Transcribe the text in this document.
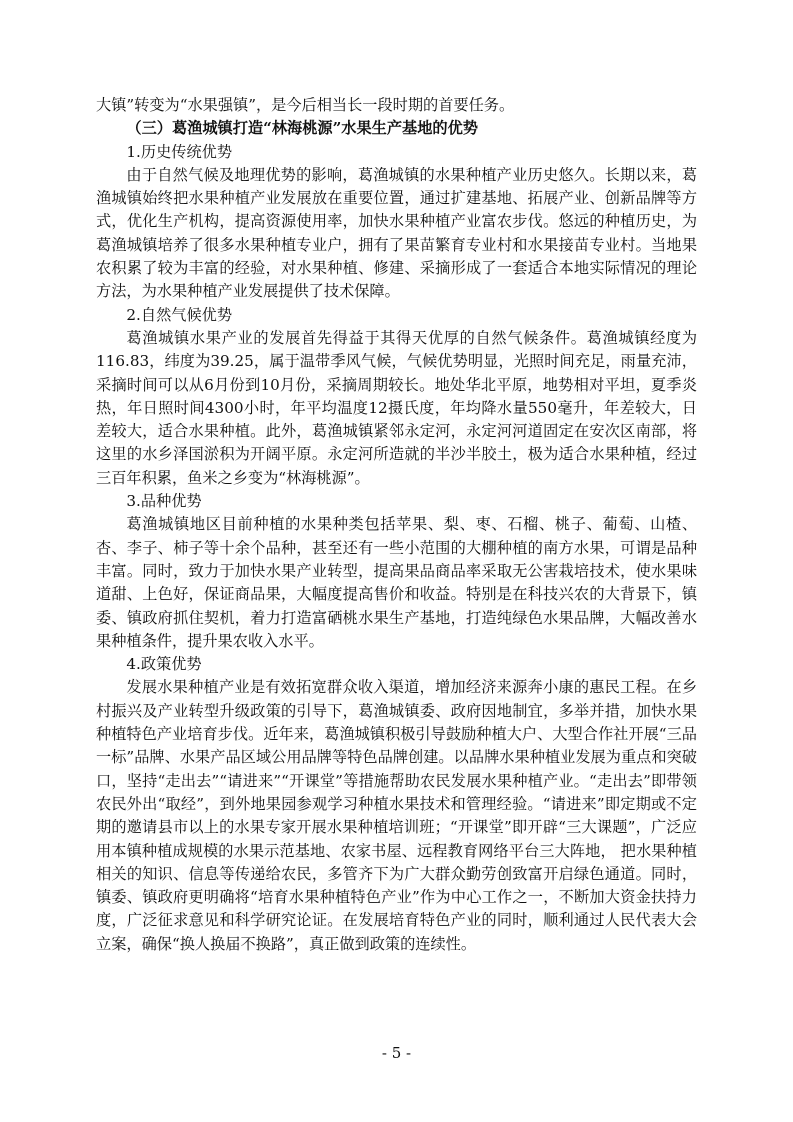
大镇”转变为“水果强镇”，是今后相当长一段时期的首要任务。

（三）葛渔城镇打造“林海桃源”水果生产基地的优势

1.历史传统优势

由于自然气候及地理优势的影响，葛渔城镇的水果种植产业历史悠久。长期以来，葛渔城镇始终把水果种植产业发展放在重要位置，通过扩建基地、拓展产业、创新品牌等方式，优化生产机构，提高资源使用率，加快水果种植产业富农步伐。悠远的种植历史，为葛渔城镇培养了很多水果种植专业户，拥有了果苗繁育专业村和水果接苗专业村。当地果农积累了较为丰富的经验，对水果种植、修建、采摘形成了一套适合本地实际情况的理论方法，为水果种植产业发展提供了技术保障。

2.自然气候优势

葛渔城镇水果产业的发展首先得益于其得天优厚的自然气候条件。葛渔城镇经度为116.83，纬度为39.25，属于温带季风气候，气候优势明显，光照时间充足，雨量充沛，采摘时间可以从6月份到10月份，采摘周期较长。地处华北平原，地势相对平坦，夏季炎热，年日照时间4300小时，年平均温度12摄氏度，年均降水量550毫升，年差较大，日差较大，适合水果种植。此外，葛渔城镇紧邻永定河，永定河河道固定在安次区南部，将这里的水乡泽国淤积为开阔平原。永定河所造就的半沙半胶土，极为适合水果种植，经过三百年积累，鱼米之乡变为“林海桃源”。

3.品种优势

葛渔城镇地区目前种植的水果种类包括苹果、梨、枣、石榴、桃子、葡萄、山楂、杏、李子、柿子等十余个品种，甚至还有一些小范围的大棚种植的南方水果，可谓是品种丰富。同时，致力于加快水果产业转型，提高果品商品率采取无公害栽培技术，使水果味道甜、上色好，保证商品果，大幅度提高售价和收益。特别是在科技兴农的大背景下，镇委、镇政府抓住契机，着力打造富硒桃水果生产基地，打造纯绿色水果品牌，大幅改善水果种植条件，提升果农收入水平。

4.政策优势

发展水果种植产业是有效拓宽群众收入渠道，增加经济来源奔小康的惠民工程。在乡村振兴及产业转型升级政策的引导下，葛渔城镇委、政府因地制宜，多举并措，加快水果种植特色产业培育步伐。近年来，葛渔城镇积极引导鼓励种植大户、大型合作社开展“三品一标”品牌、水果产品区域公用品牌等特色品牌创建。以品牌水果种植业发展为重点和突破口，坚持“走出去”“请进来”“开课堂”等措施帮助农民发展水果种植产业。“走出去”即带领农民外出“取经”，到外地果园参观学习种植水果技术和管理经验。“请进来”即定期或不定期的邀请县市以上的水果专家开展水果种植培训班；“开课堂”即开辟“三大课题”，广泛应用本镇种植成规模的水果示范基地、农家书屋、远程教育网络平台三大阵地， 把水果种植相关的知识、信息等传递给农民，多管齐下为广大群众勤劳创致富开启绿色通道。同时，镇委、镇政府更明确将“培育水果种植特色产业”作为中心工作之一，不断加大资金扶持力度，广泛征求意见和科学研究论证。在发展培育特色产业的同时，顺利通过人民代表大会立案，确保“换人换届不换路”，真正做到政策的连续性。

- 5 -
